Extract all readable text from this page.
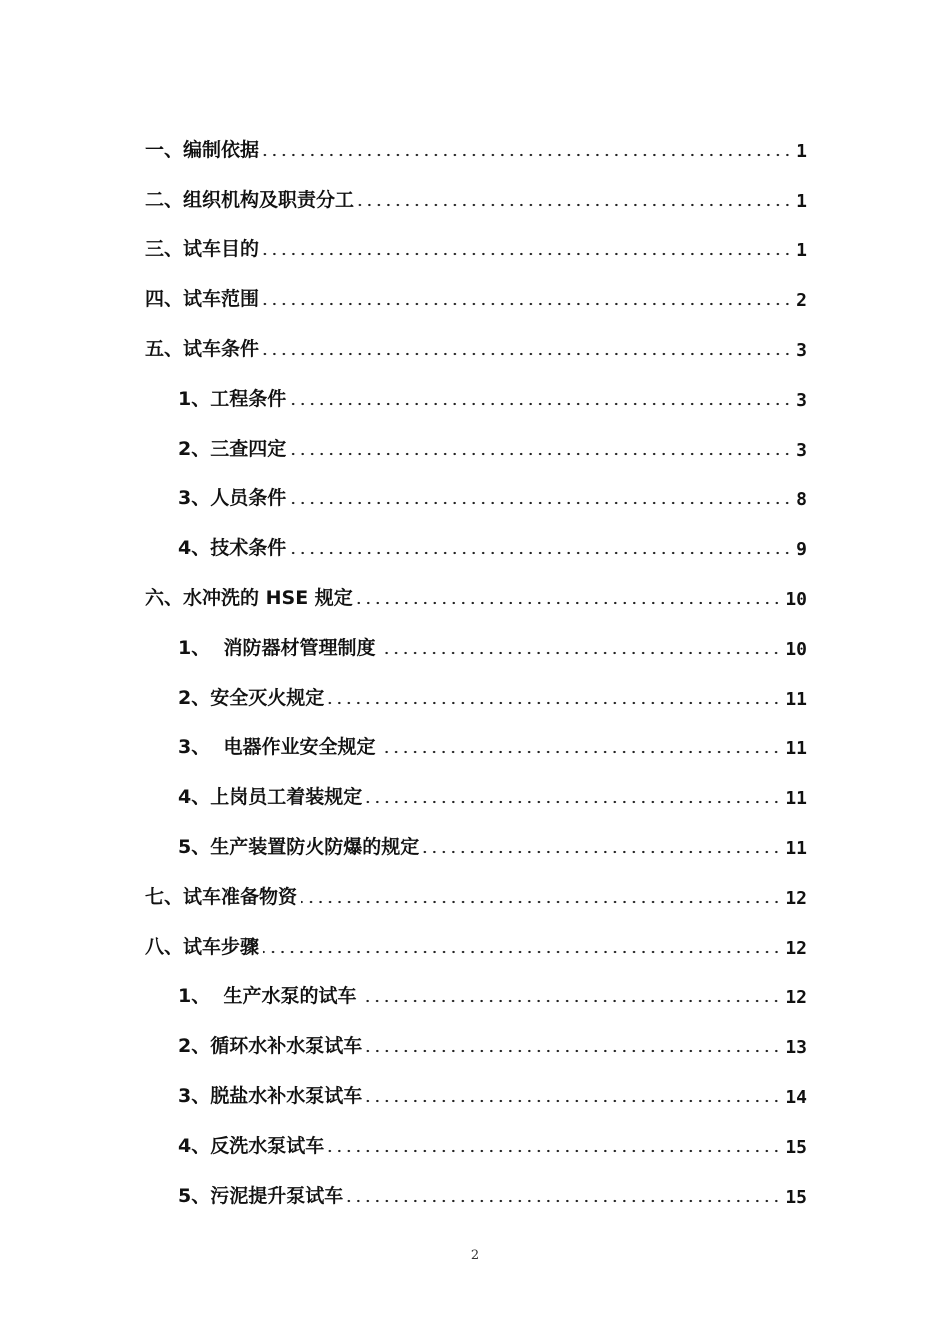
一、编制依据	1
二、组织机构及职责分工	1
三、试车目的	1
四、试车范围	2
五、试车条件	3
1、工程条件	3
2、三查四定	3
3、人员条件	8
4、技术条件	9
六、水冲洗的 HSE 规定	10
1、  消防器材管理制度	10
2、安全灭火规定	11
3、  电器作业安全规定	11
4、上岗员工着装规定	11
5、生产装置防火防爆的规定	11
七、试车准备物资	12
八、试车步骤	12
1、  生产水泵的试车	12
2、循环水补水泵试车	13
3、脱盐水补水泵试车	14
4、反洗水泵试车	15
5、污泥提升泵试车	15
2
